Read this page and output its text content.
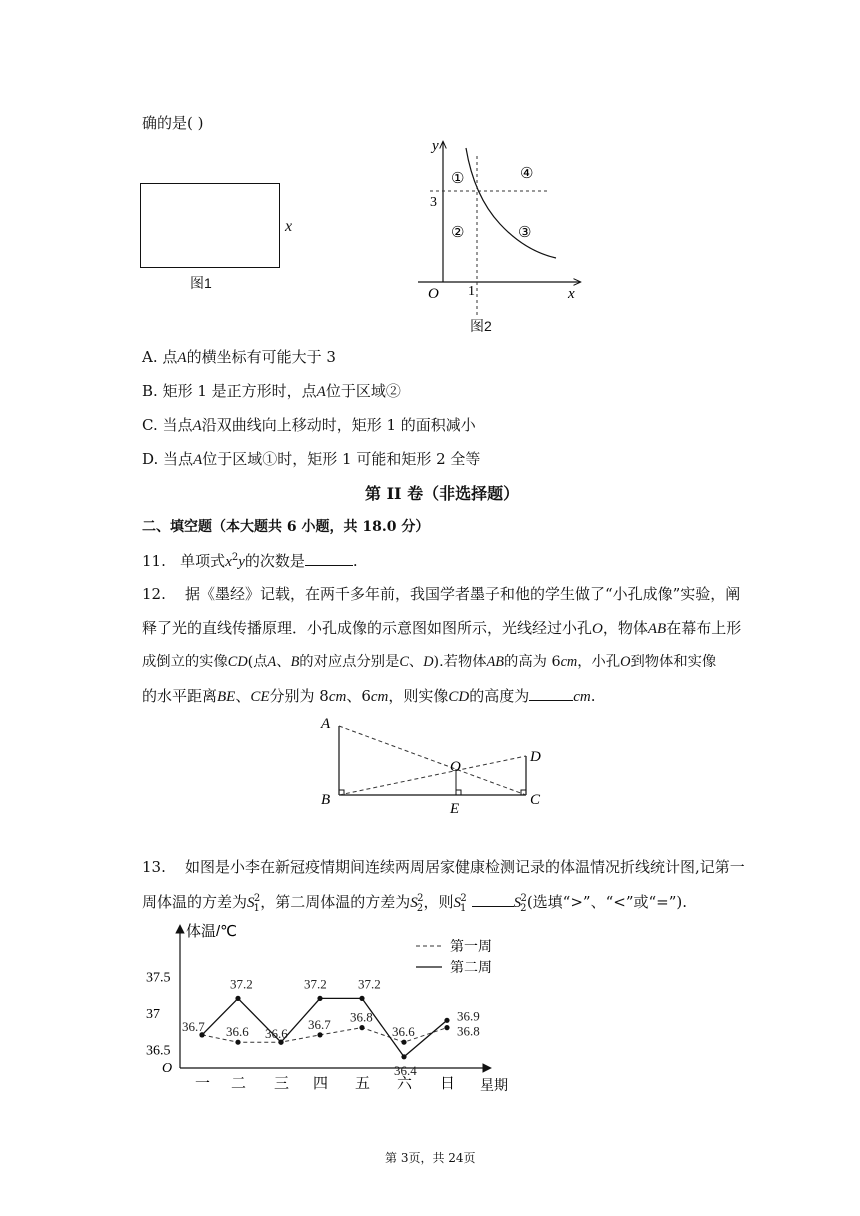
确的是( )
x
图1
y
x
O
3
1
①
②	③
④
图2
A. 点A的横坐标有可能大于 3
B. 矩形 1 是正方形时，点A位于区域②
C. 当点A沿双曲线向上移动时，矩形 1 的面积减小
D. 当点A位于区域①时，矩形 1 可能和矩形 2 全等
第 II 卷（非选择题）
二、填空题（本大题共 6 小题，共 18.0 分）
11. 单项式$x^2y$的次数是	.
12. 据《墨经》记载，在两千多年前，我国学者墨子和他的学生做了“小孔成像”实验，阐
释了光的直线传播原理．小孔成像的示意图如图所示，光线经过小孔O，物体AB在幕布上形
成倒立的实像CD(点A、B的对应点分别是C、D).若物体AB的高为 6cm，小孔O到物体和实像
的水平距离BE、CE分别为 8cm、6cm，则实像CD的高度为	cm.
A
B	C
D
E
O
13. 如图是小李在新冠疫情期间连续两周居家健康检测记录的体温情况折线统计图,记第一
周体温的方差为$S_1^2$，第二周体温的方差为$S_2^2$，则$S_1^2$	$S_2^2$(选填“>”、“<”或“=”).
体温/℃
星期
O
37.5
37
36.5
一 二 三 四 五 六 日
36.7
37.2
36.6
37.2 37.2
36.4
36.9
36.6	36.7 36.8
36.6	36.8
第一周
第二周
第 3页，共 24页
